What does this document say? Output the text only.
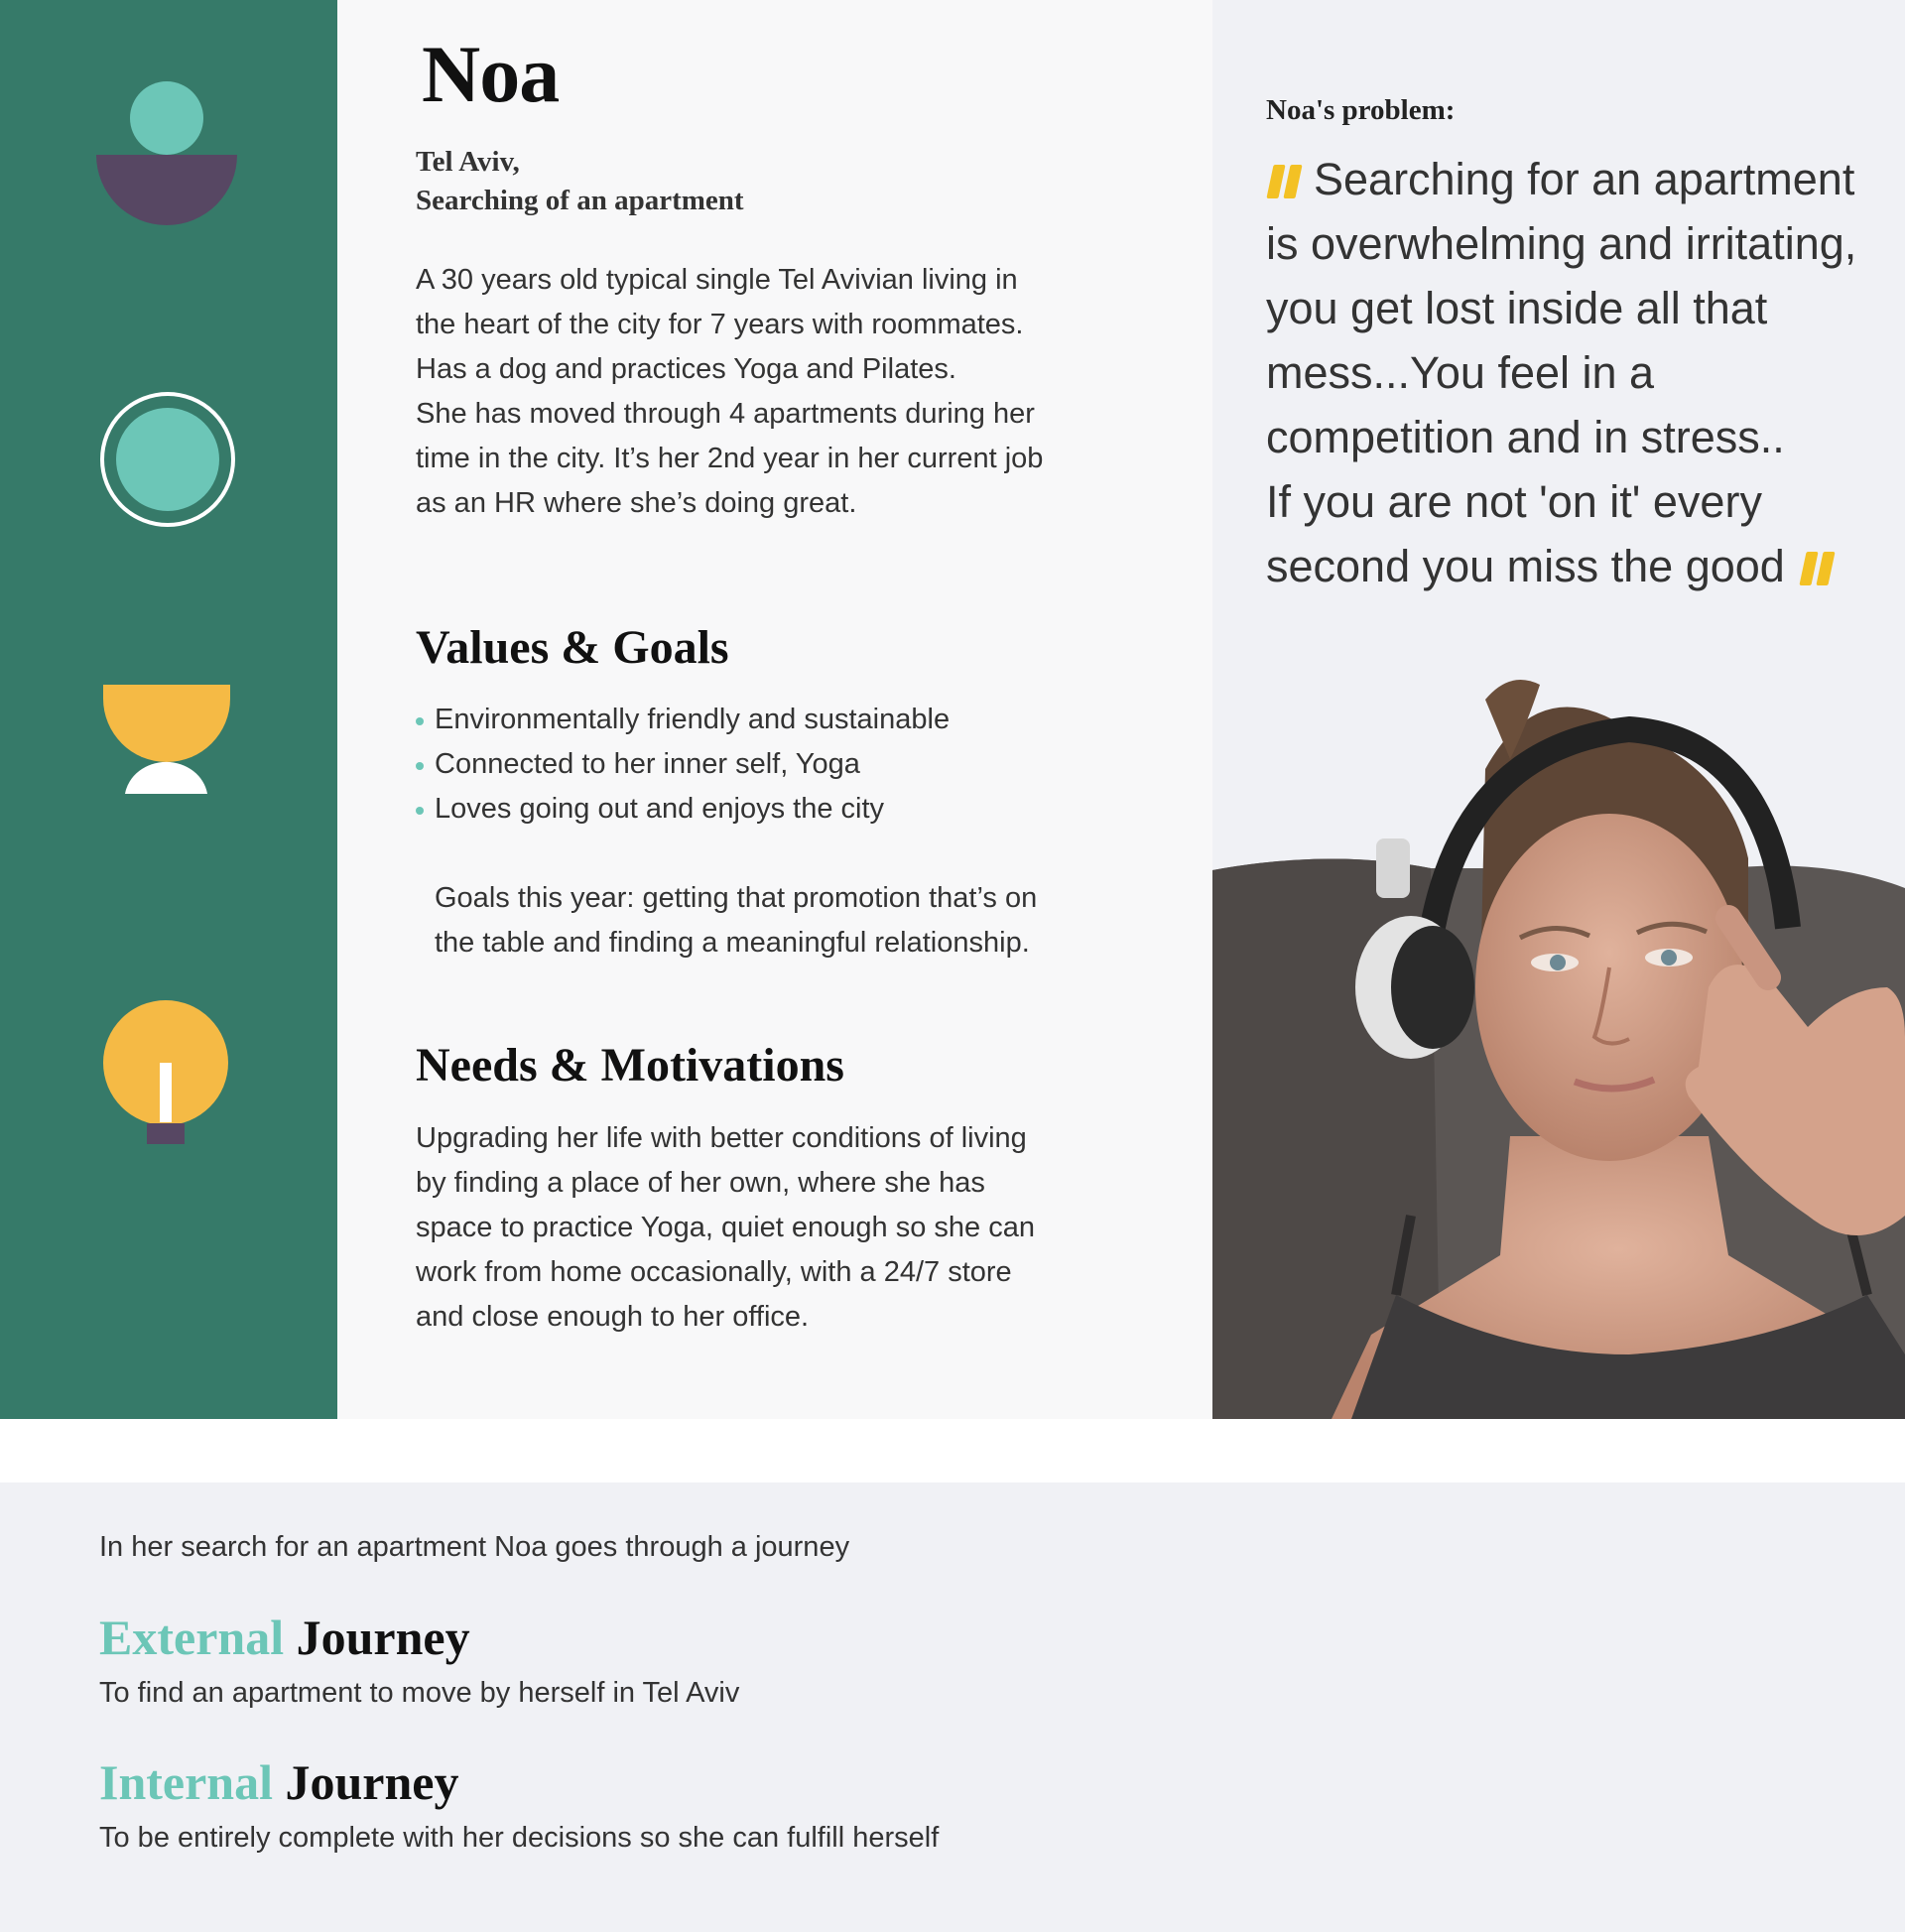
Noa
Tel Aviv,
Searching of an apartment

A 30 years old typical single Tel Avivian living in the heart of the city for 7 years with roommates. Has a dog and practices Yoga and Pilates.

She has moved through 4 apartments during her time in the city. It’s her 2nd year in her current job as an HR where she’s doing great.

Values & Goals
Environmentally friendly and sustainable
Connected to her inner self, Yoga
Loves going out and enjoys the city

Goals this year: getting that promotion that’s on the table and finding a meaningful relationship.

Needs & Motivations

Upgrading her life with better conditions of living by finding a place of her own, where she has space to practice Yoga, quiet enough so she can work from home occasionally, with a 24/7 store and close enough to her office.

Noa's problem:
Searching for an apartment is overwhelming and irritating, you get lost inside all that mess...You feel in a competition and in stress..
If you are not 'on it' every second you miss the good

In her search for an apartment Noa goes through a journey

External Journey

To find an apartment to move by herself in Tel Aviv

Internal Journey

To be entirely complete with her decisions so she can fulfill herself
